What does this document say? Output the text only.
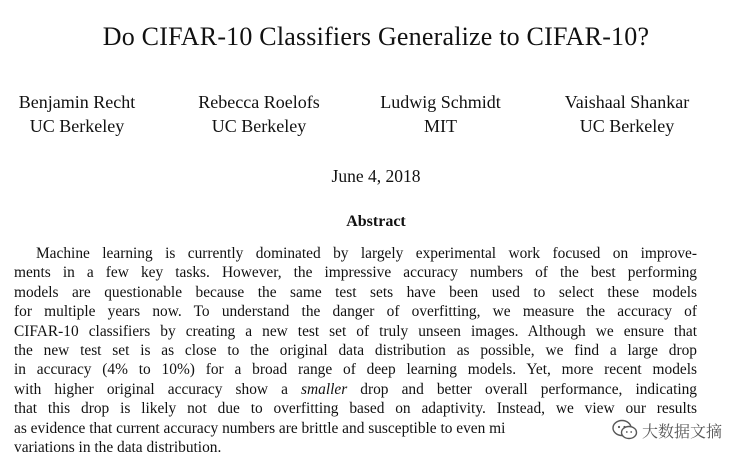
Do CIFAR-10 Classifiers Generalize to CIFAR-10?
Benjamin Recht
UC Berkeley
Rebecca Roelofs
UC Berkeley
Ludwig Schmidt
MIT
Vaishaal Shankar
UC Berkeley
June 4, 2018
Abstract
Machine learning is currently dominated by largely experimental work focused on improve-
ments in a few key tasks. However, the impressive accuracy numbers of the best performing
models are questionable because the same test sets have been used to select these models
for multiple years now. To understand the danger of overfitting, we measure the accuracy of
CIFAR-10 classifiers by creating a new test set of truly unseen images. Although we ensure that
the new test set is as close to the original data distribution as possible, we find a large drop
in accuracy (4% to 10%) for a broad range of deep learning models. Yet, more recent models
with higher original accuracy show a smaller drop and better overall performance, indicating
that this drop is likely not due to overfitting based on adaptivity. Instead, we view our results
as evidence that current accuracy numbers are brittle and susceptible to even mi
variations in the data distribution.
大数据文摘
